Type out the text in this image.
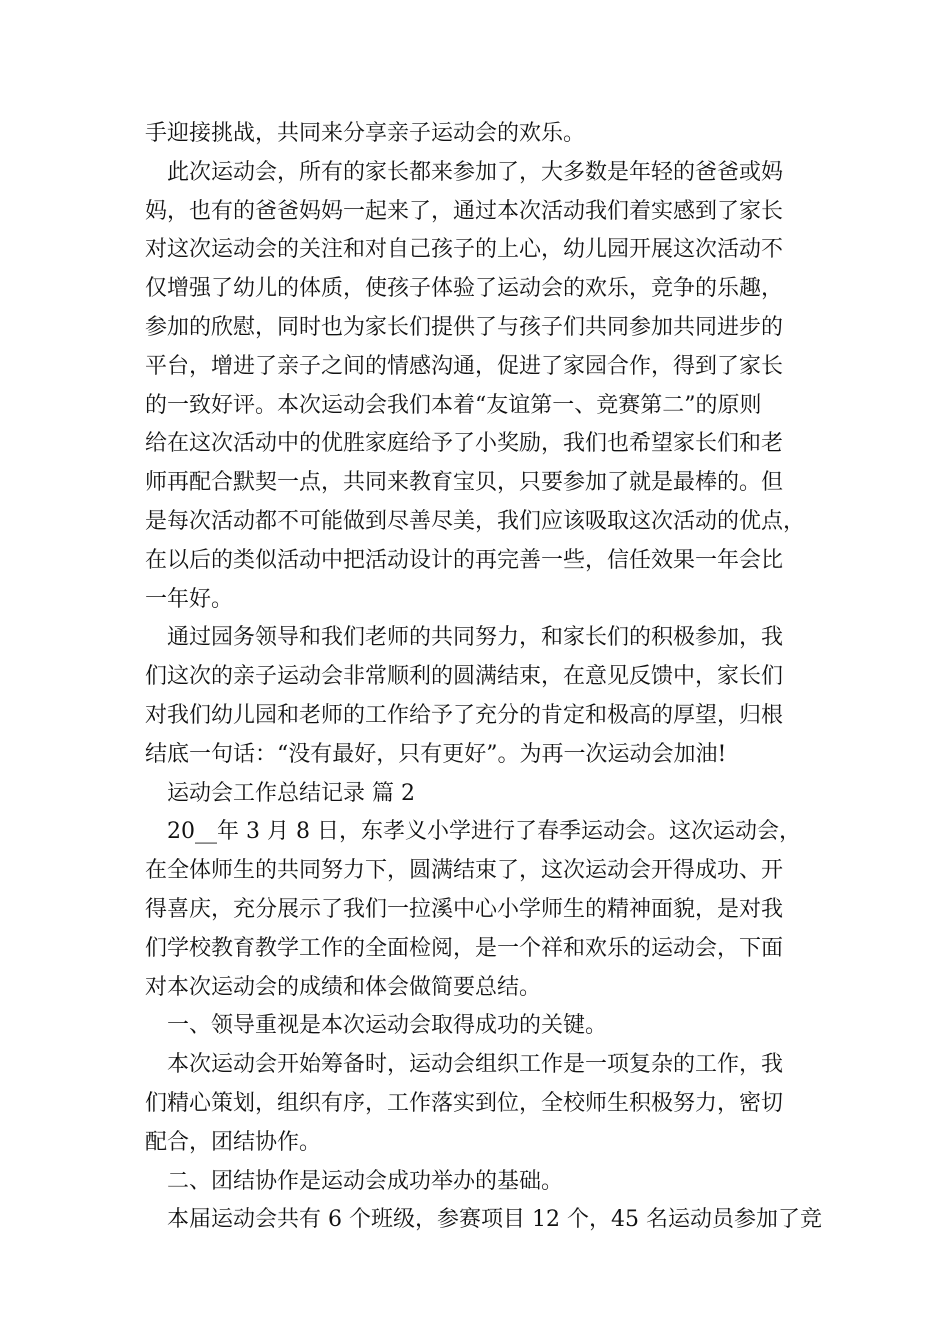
手迎接挑战，共同来分享亲子运动会的欢乐。
此次运动会，所有的家长都来参加了，大多数是年轻的爸爸或妈
妈，也有的爸爸妈妈一起来了，通过本次活动我们着实感到了家长
对这次运动会的关注和对自己孩子的上心，幼儿园开展这次活动不
仅增强了幼儿的体质，使孩子体验了运动会的欢乐，竞争的乐趣，
参加的欣慰，同时也为家长们提供了与孩子们共同参加共同进步的
平台，增进了亲子之间的情感沟通，促进了家园合作，得到了家长
的一致好评。本次运动会我们本着“友谊第一、竞赛第二”的原则
给在这次活动中的优胜家庭给予了小奖励，我们也希望家长们和老
师再配合默契一点，共同来教育宝贝，只要参加了就是最棒的。但
是每次活动都不可能做到尽善尽美，我们应该吸取这次活动的优点，
在以后的类似活动中把活动设计的再完善一些，信任效果一年会比
一年好。
通过园务领导和我们老师的共同努力，和家长们的积极参加，我
们这次的亲子运动会非常顺利的圆满结束，在意见反馈中，家长们
对我们幼儿园和老师的工作给予了充分的肯定和极高的厚望，归根
结底一句话：“没有最好，只有更好”。为再一次运动会加油!
运动会工作总结记录 篇 2
20__年 3 月 8 日，东孝义小学进行了春季运动会。这次运动会，
在全体师生的共同努力下，圆满结束了，这次运动会开得成功、开
得喜庆，充分展示了我们一拉溪中心小学师生的精神面貌，是对我
们学校教育教学工作的全面检阅，是一个祥和欢乐的运动会，下面
对本次运动会的成绩和体会做简要总结。
一、领导重视是本次运动会取得成功的关键。
本次运动会开始筹备时，运动会组织工作是一项复杂的工作，我
们精心策划，组织有序，工作落实到位，全校师生积极努力，密切
配合，团结协作。
二、团结协作是运动会成功举办的基础。
本届运动会共有 6 个班级，参赛项目 12 个，45 名运动员参加了竞
